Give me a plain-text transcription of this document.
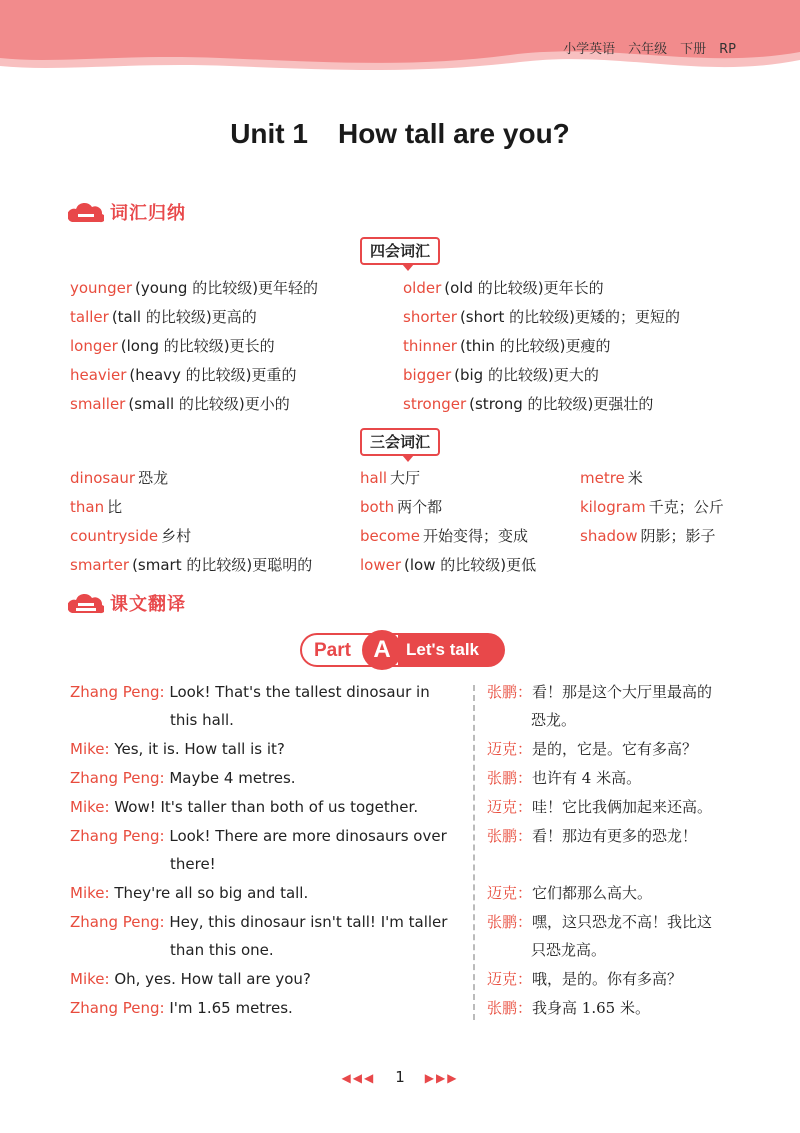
小学英语　六年级　下册　RP
Unit 1 How tall are you?
词汇归纳
四会词汇
younger (young 的比较级)更年轻的	older (old 的比较级)更年长的
taller (tall 的比较级)更高的	shorter (short 的比较级)更矮的；更短的
longer (long 的比较级)更长的	thinner (thin 的比较级)更瘦的
heavier (heavy 的比较级)更重的	bigger (big 的比较级)更大的
smaller (small 的比较级)更小的	stronger (strong 的比较级)更强壮的
三会词汇
dinosaur 恐龙	hall 大厅	metre 米
than 比	both 两个都	kilogram 千克；公斤
countryside 乡村	become 开始变得；变成	shadow 阴影；影子
smarter (smart 的比较级)更聪明的	lower (low 的比较级)更低
课文翻译
Part	Let's talk
A
Zhang Peng: Look! That's the tallest dinosaur in
this hall.
Mike: Yes, it is. How tall is it?
Zhang Peng: Maybe 4 metres.
Mike: Wow! It's taller than both of us together.
Zhang Peng: Look! There are more dinosaurs over
there!
Mike: They're all so big and tall.
Zhang Peng: Hey, this dinosaur isn't tall! I'm taller
than this one.
Mike: Oh, yes. How tall are you?
Zhang Peng: I'm 1.65 metres.
张鹏：看！那是这个大厅里最高的
恐龙。
迈克：是的，它是。它有多高？
张鹏：也许有 4 米高。
迈克：哇！它比我俩加起来还高。
张鹏：看！那边有更多的恐龙！
迈克：它们都那么高大。
张鹏：嘿，这只恐龙不高！我比这
只恐龙高。
迈克：哦，是的。你有多高？
张鹏：我身高 1.65 米。
◀◀◀ 1 ▶▶▶
